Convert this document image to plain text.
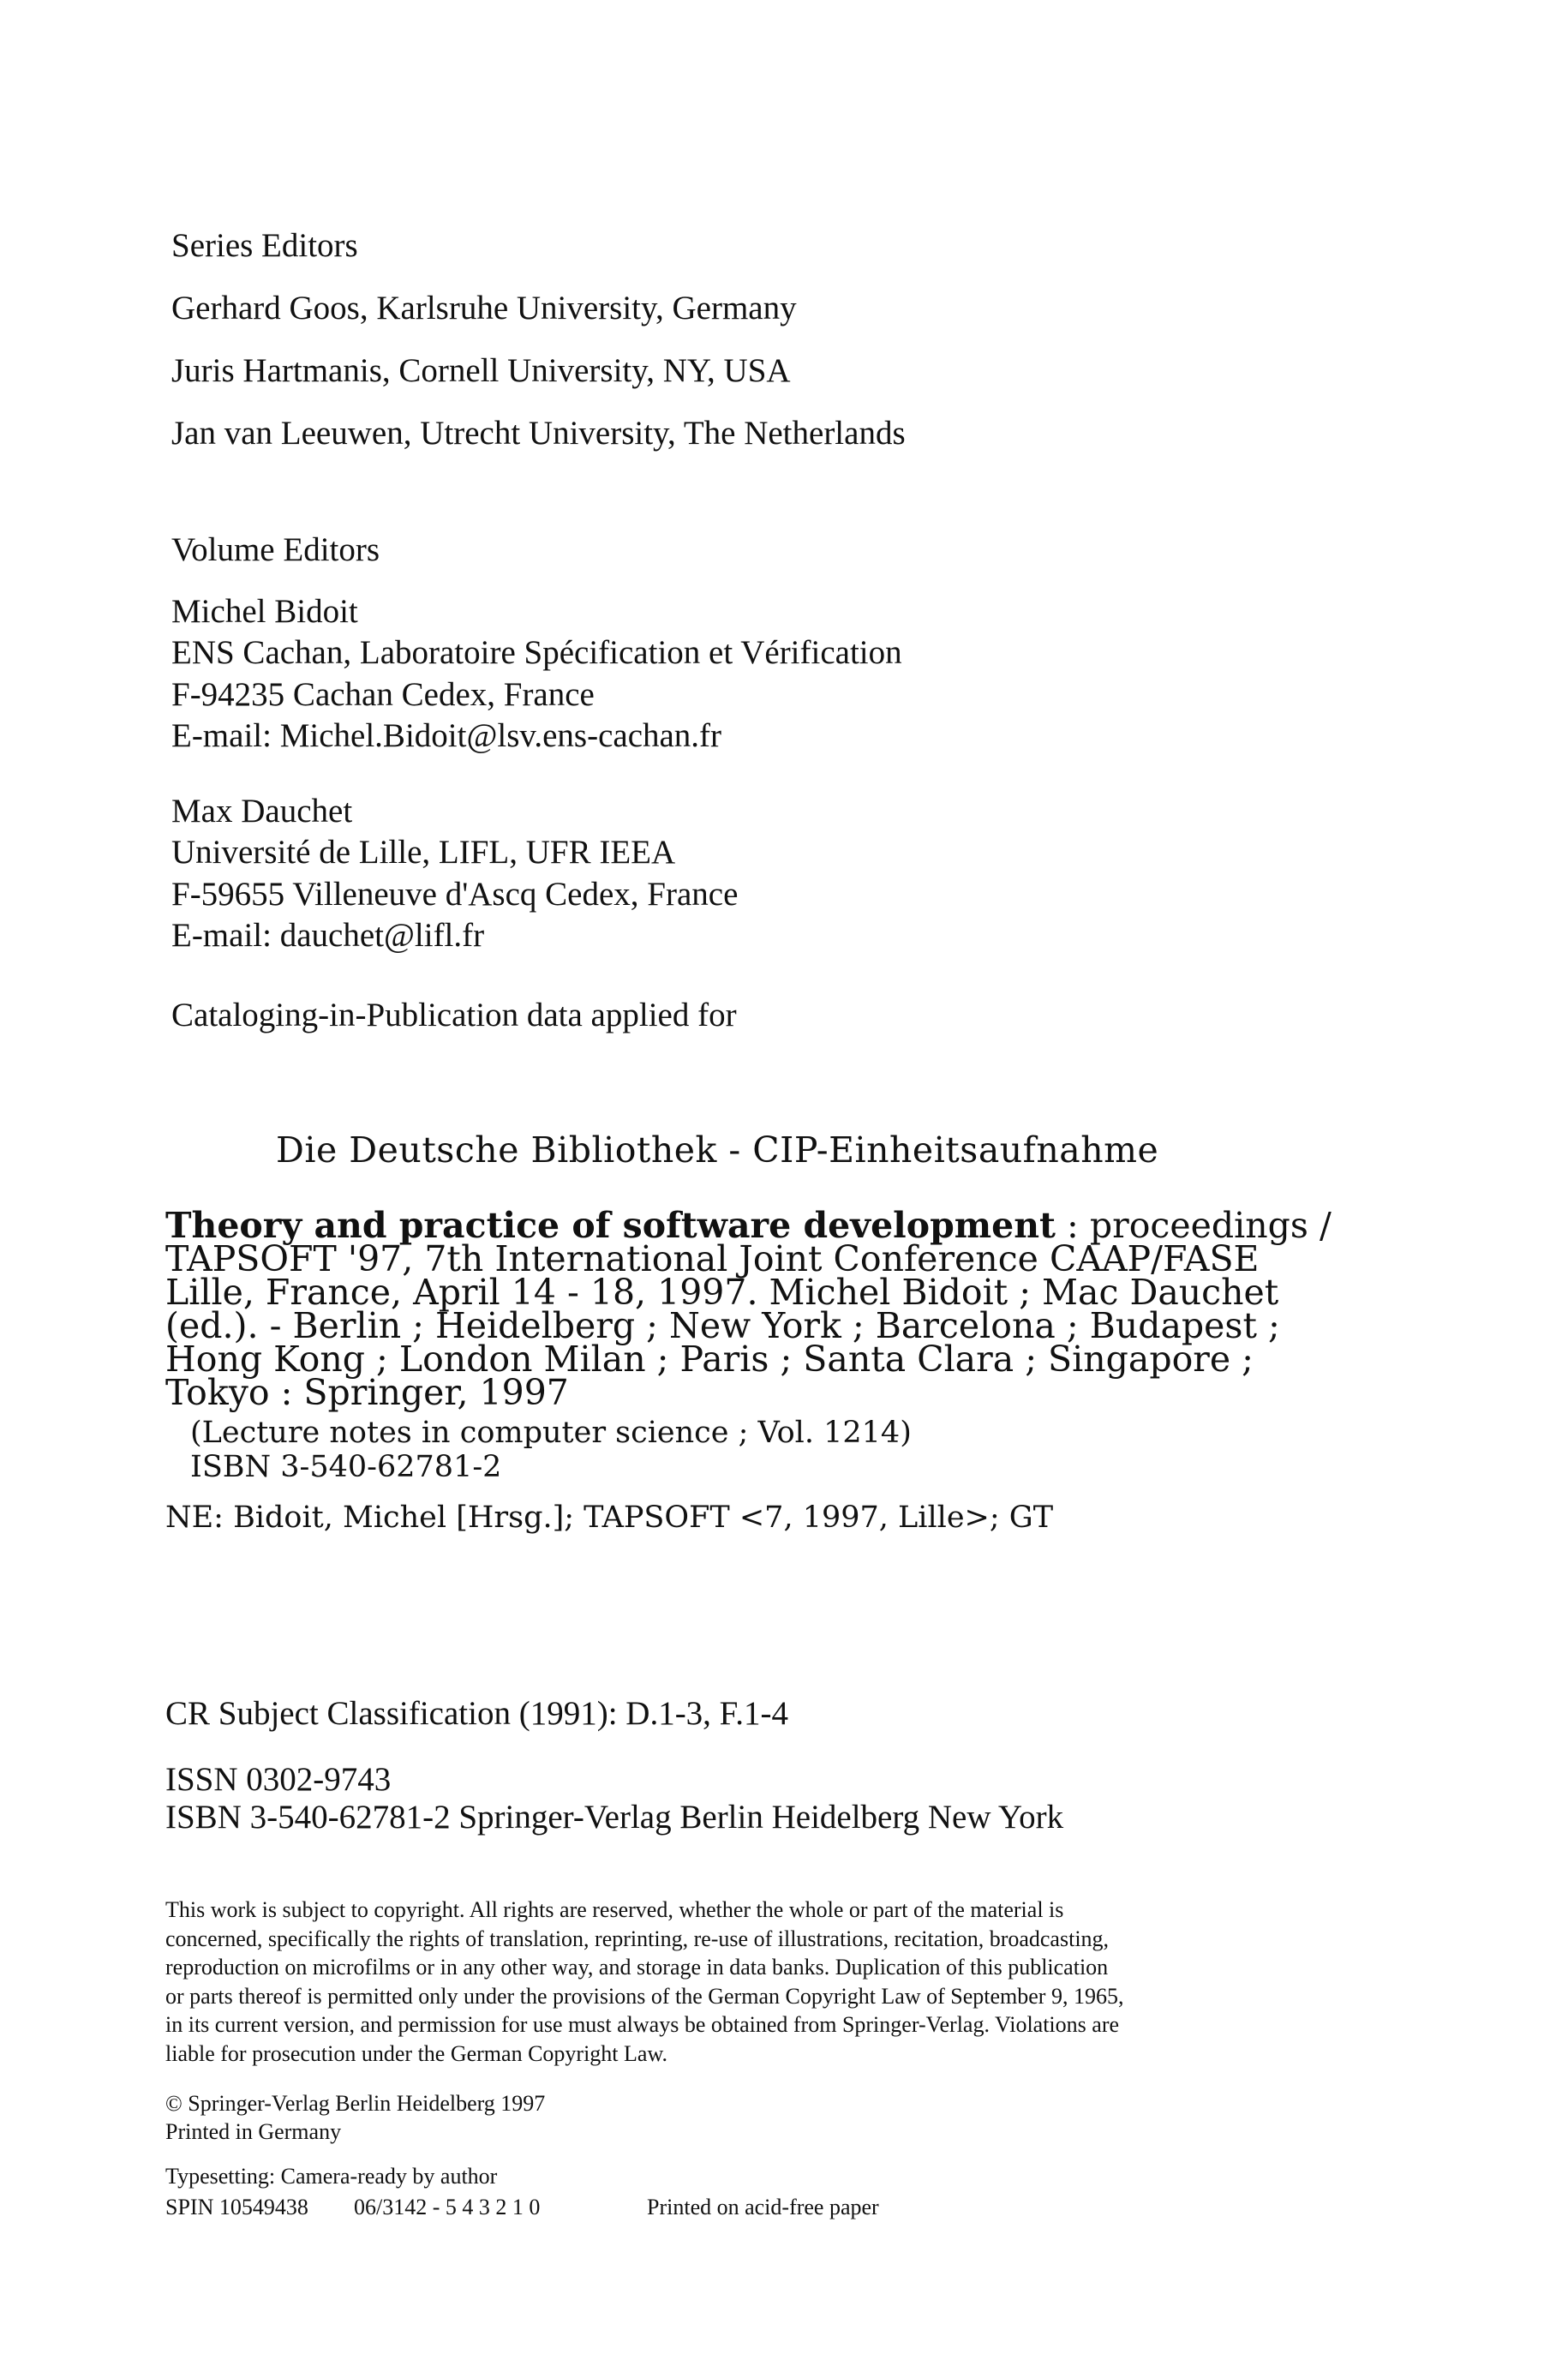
Series Editors
Gerhard Goos, Karlsruhe University, Germany
Juris Hartmanis, Cornell University, NY, USA
Jan van Leeuwen, Utrecht University, The Netherlands
Volume Editors
Michel Bidoit
ENS Cachan, Laboratoire Spécification et Vérification
F-94235 Cachan Cedex, France
E-mail: Michel.Bidoit@lsv.ens-cachan.fr
Max Dauchet
Université de Lille, LIFL, UFR IEEA
F-59655 Villeneuve d'Ascq Cedex, France
E-mail: dauchet@lifl.fr
Cataloging-in-Publication data applied for
Die Deutsche Bibliothek - CIP-Einheitsaufnahme
Theory and practice of software development : proceedings /
TAPSOFT '97, 7th International Joint Conference CAAP/FASE
Lille, France, April 14 - 18, 1997. Michel Bidoit ; Mac Dauchet
(ed.). - Berlin ; Heidelberg ; New York ; Barcelona ; Budapest ;
Hong Kong ; London Milan ; Paris ; Santa Clara ; Singapore ;
Tokyo : Springer, 1997
(Lecture notes in computer science ; Vol. 1214)
ISBN 3-540-62781-2
NE: Bidoit, Michel [Hrsg.]; TAPSOFT <7, 1997, Lille>; GT
CR Subject Classification (1991): D.1-3, F.1-4
ISSN 0302-9743
ISBN 3-540-62781-2 Springer-Verlag Berlin Heidelberg New York
This work is subject to copyright. All rights are reserved, whether the whole or part of the material is
concerned, specifically the rights of translation, reprinting, re-use of illustrations, recitation, broadcasting,
reproduction on microfilms or in any other way, and storage in data banks. Duplication of this publication
or parts thereof is permitted only under the provisions of the German Copyright Law of September 9, 1965,
in its current version, and permission for use must always be obtained from Springer-Verlag. Violations are
liable for prosecution under the German Copyright Law.
© Springer-Verlag Berlin Heidelberg 1997
Printed in Germany
Typesetting: Camera-ready by author
SPIN 10549438 06/3142 - 5 4 3 2 1 0	Printed on acid-free paper
